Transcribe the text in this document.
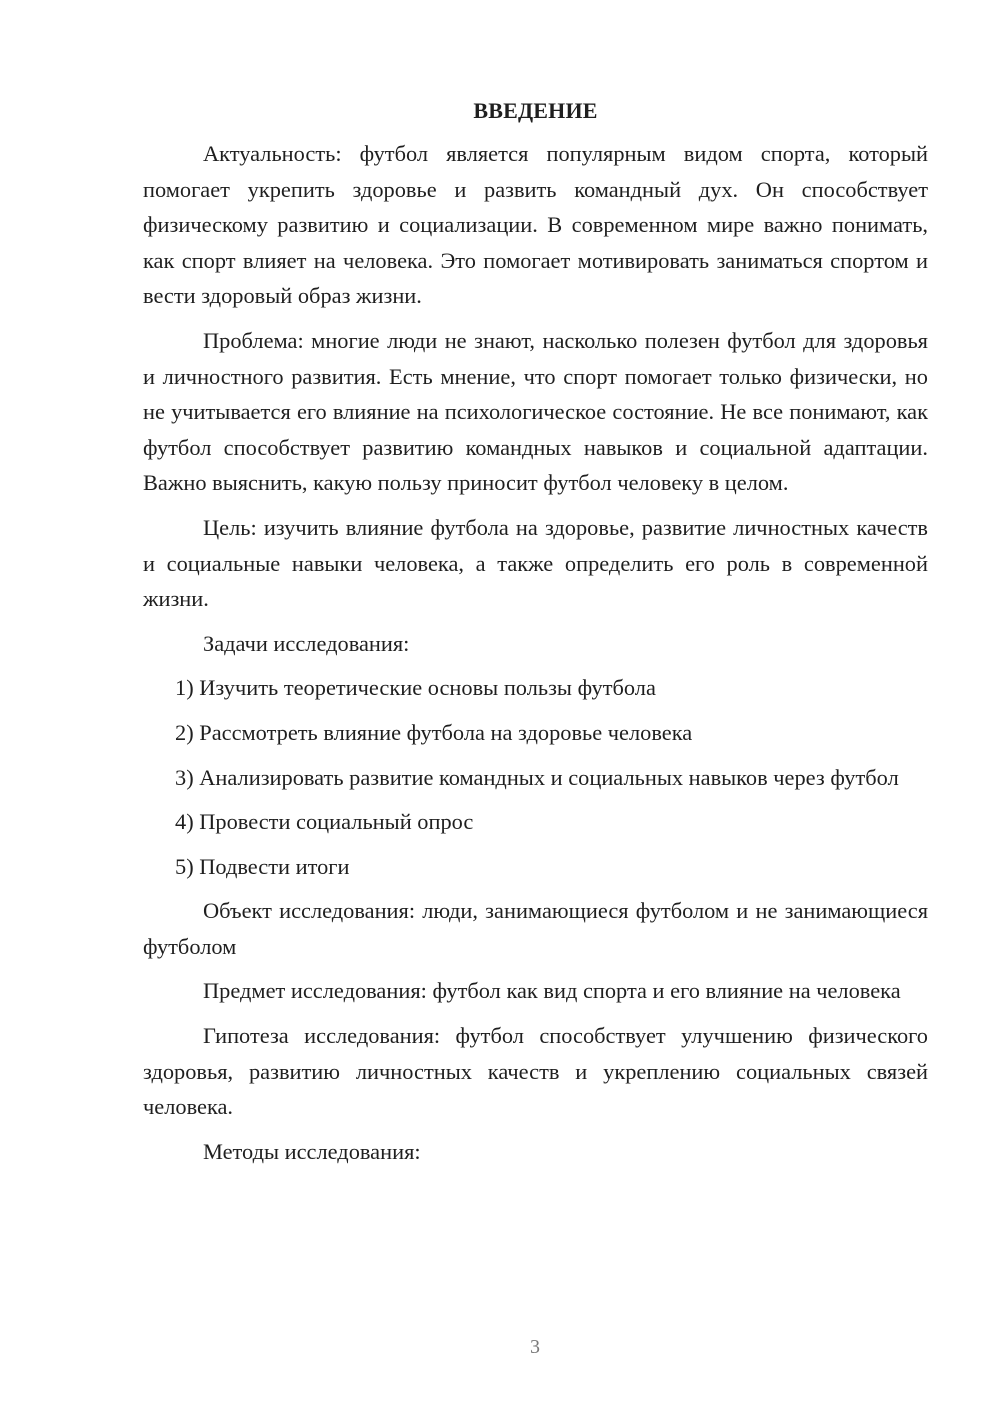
ВВЕДЕНИЕ

Актуальность: футбол является популярным видом спорта, который помогает укрепить здоровье и развить командный дух. Он способствует физическому развитию и социализации. В современном мире важно понимать, как спорт влияет на человека. Это помогает мотивировать заниматься спортом и вести здоровый образ жизни.

Проблема: многие люди не знают, насколько полезен футбол для здоровья и личностного развития. Есть мнение, что спорт помогает только физически, но не учитывается его влияние на психологическое состояние. Не все понимают, как футбол способствует развитию командных навыков и социальной адаптации. Важно выяснить, какую пользу приносит футбол человеку в целом.

Цель: изучить влияние футбола на здоровье, развитие личностных качеств и социальные навыки человека, а также определить его роль в современной жизни.

Задачи исследования:

1) Изучить теоретические основы пользы футбола

2) Рассмотреть влияние футбола на здоровье человека

3) Анализировать развитие командных и социальных навыков через футбол

4) Провести социальный опрос

5) Подвести итоги

Объект исследования: люди, занимающиеся футболом и не занимающиеся футболом

Предмет исследования: футбол как вид спорта и его влияние на человека

Гипотеза исследования: футбол способствует улучшению физического здоровья, развитию личностных качеств и укреплению социальных связей человека.

Методы исследования:

3
